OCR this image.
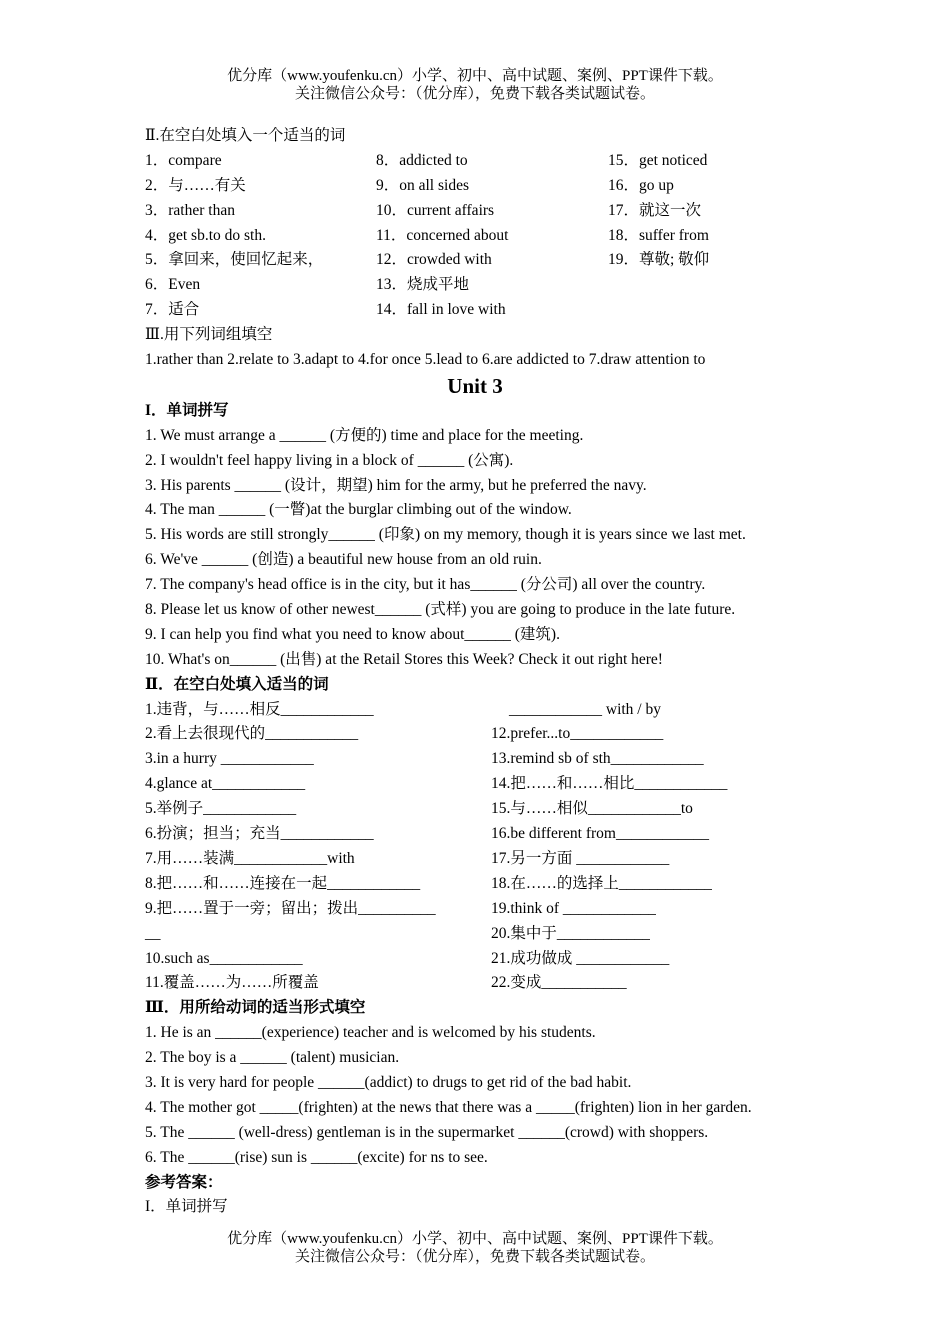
优分库（www.youfenku.cn）小学、初中、高中试题、案例、PPT课件下载。
关注微信公众号：（优分库），免费下载各类试题试卷。
Ⅱ.在空白处填入一个适当的词
1．compare	8．addicted to	15．get noticed
2．与……有关	9．on all sides	16．go up
3．rather than	10．current affairs	17．就这一次
4．get sb.to do sth.	11．concerned about	18．suffer from
5．拿回来，使回忆起来，	12．crowded with	19．尊敬; 敬仰
6．Even	13．烧成平地
7．适合	14．fall in love with
Ⅲ.用下列词组填空
1.rather than 2.relate to 3.adapt to 4.for once 5.lead to 6.are addicted to 7.draw attention to
Unit 3
I．单词拼写
1. We must arrange a ______ (方便的) time and place for the meeting.
2. I wouldn't feel happy living in a block of ______ (公寓).
3. His parents ______ (设计，期望) him for the army, but he preferred the navy.
4. The man ______ (一瞥)at the burglar climbing out of the window.
5. His words are still strongly______ (印象) on my memory, though it is years since we last met.
6. We've ______ (创造) a beautiful new house from an old ruin.
7. The company's head office is in the city, but it has______ (分公司) all over the country.
8. Please let us know of other newest______ (式样) you are going to produce in the late future.
9. I can help you find what you need to know about______ (建筑).
10. What's on______ (出售) at the Retail Stores this Week? Check it out right here!
Ⅱ．在空白处填入适当的词
1.违背，与……相反____________	____________ with / by
2.看上去很现代的____________	12.prefer...to____________
3.in a hurry ____________	13.remind sb of sth____________
4.glance at____________	14.把……和……相比____________
5.举例子____________	15.与……相似____________to
6.扮演；担当；充当____________	16.be different from____________
7.用……装满____________with	17.另一方面 ____________
8.把……和……连接在一起____________	18.在……的选择上____________
9.把……置于一旁；留出；拨出__________	19.think of ____________
__	20.集中于____________
10.such as____________	21.成功做成 ____________
11.覆盖……为……所覆盖	22.变成___________
Ⅲ．用所给动词的适当形式填空
1. He is an ______(experience) teacher and is welcomed by his students.
2. The boy is a ______ (talent) musician.
3. It is very hard for people ______(addict) to drugs to get rid of the bad habit.
4. The mother got _____(frighten) at the news that there was a _____(frighten) lion in her garden.
5. The ______ (well-dress) gentleman is in the supermarket ______(crowd) with shoppers.
6. The ______(rise) sun is ______(excite) for ns to see.
参考答案：
I．单词拼写
优分库（www.youfenku.cn）小学、初中、高中试题、案例、PPT课件下载。
关注微信公众号：（优分库），免费下载各类试题试卷。
